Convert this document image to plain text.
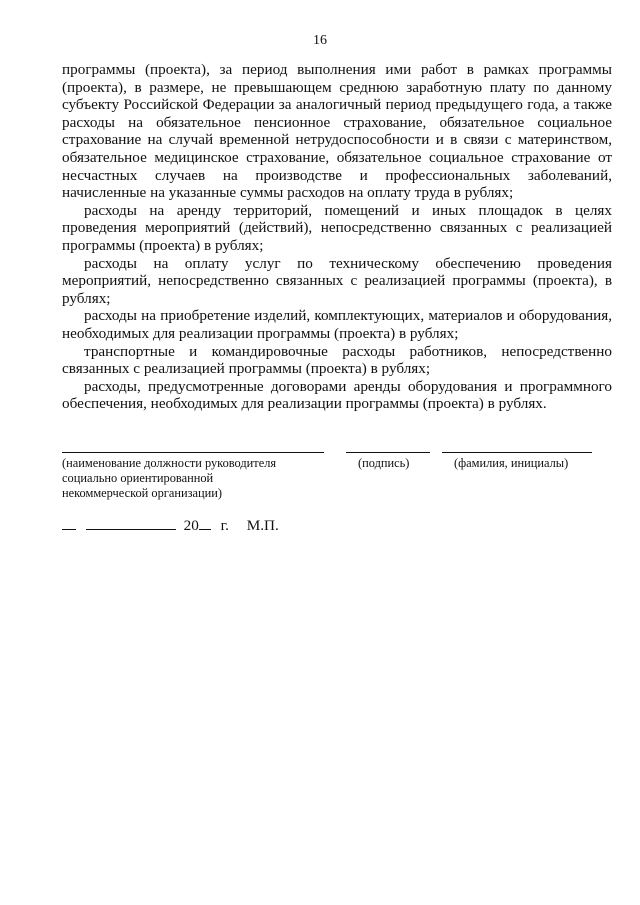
16

программы (проекта), за период выполнения ими работ в рамках программы (проекта), в размере, не превышающем среднюю заработную плату по данному субъекту Российской Федерации за аналогичный период предыдущего года, а также расходы на обязательное пенсионное страхование, обязательное социальное страхование на случай временной нетрудоспособности и в связи с материнством, обязательное медицинское страхование, обязательное социальное страхование от несчастных случаев на производстве и профессиональных заболеваний, начисленные на указанные суммы расходов на оплату труда в рублях;

расходы на аренду территорий, помещений и иных площадок в целях проведения мероприятий (действий), непосредственно связанных с реализацией программы (проекта) в рублях;

расходы на оплату услуг по техническому обеспечению проведения мероприятий, непосредственно связанных с реализацией программы (проекта), в рублях;

расходы на приобретение изделий, комплектующих, материалов и оборудования, необходимых для реализации программы (проекта) в рублях;

транспортные и командировочные расходы работников, непосредственно связанных с реализацией программы (проекта) в рублях;

расходы, предусмотренные договорами аренды оборудования и программного обеспечения, необходимых для реализации программы (проекта) в рублях.

(наименование должности руководителя
социально ориентированной
некоммерческой организации)
(подпись)	(фамилия, инициалы)
20 г. М.П.
